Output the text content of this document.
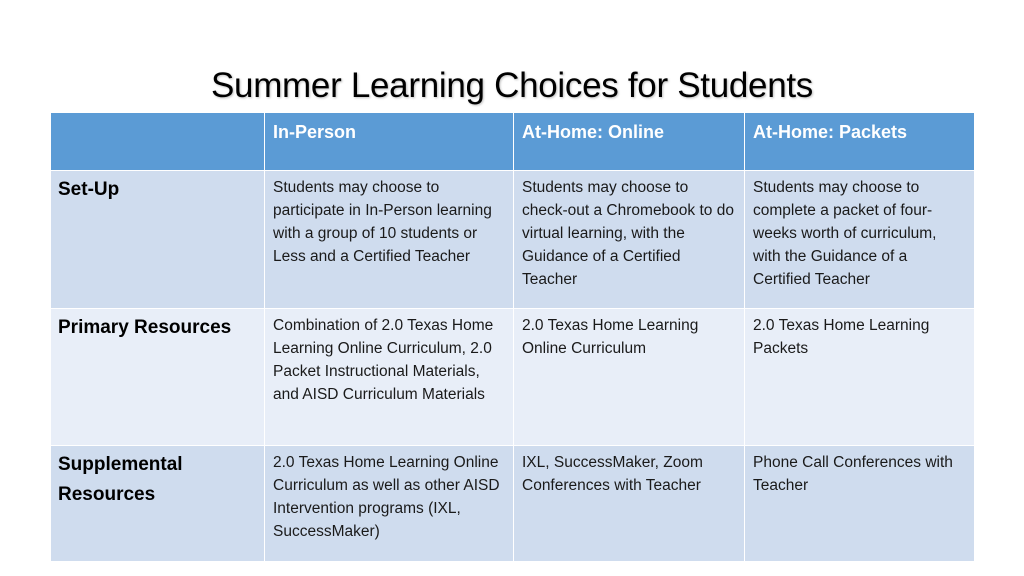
Summer Learning Choices for Students
	In-Person	At-Home: Online	At-Home: Packets
Set-Up	Students may choose to participate in In-Person learning with a group of 10 students or Less and a Certified Teacher	Students may choose to check-out a Chromebook to do virtual learning, with the Guidance of a Certified Teacher	Students may choose to complete a packet of four-weeks worth of curriculum, with the Guidance of a Certified Teacher
Primary Resources	Combination of 2.0 Texas Home Learning Online Curriculum, 2.0 Packet Instructional Materials, and AISD Curriculum Materials	2.0 Texas Home Learning Online Curriculum	2.0 Texas Home Learning Packets
Supplemental Resources	2.0 Texas Home Learning Online Curriculum as well as other AISD Intervention programs (IXL, SuccessMaker)	IXL, SuccessMaker, Zoom Conferences with Teacher	Phone Call Conferences with Teacher
